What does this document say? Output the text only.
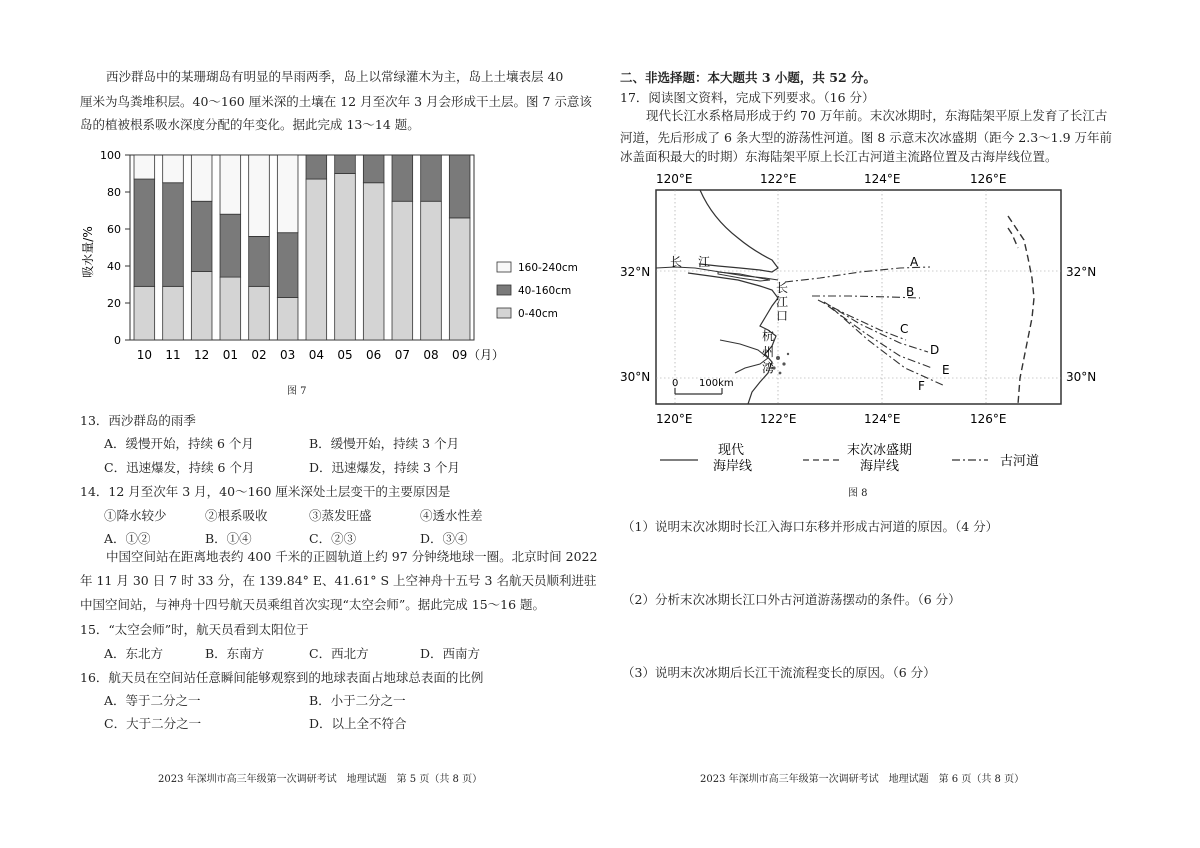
西沙群岛中的某珊瑚岛有明显的旱雨两季，岛上以常绿灌木为主，岛上土壤表层 40
厘米为鸟粪堆积层。40～160 厘米深的土壤在 12 月至次年 3 月会形成干土层。图 7 示意该
岛的植被根系吸水深度分配的年变化。据此完成 13～14 题。
吸水量/%
0
20
40
60
80
100
10 11 12 01 02 03 04 05 06 07 08 09 （月）
160-240cm
40-160cm
0-40cm
图 7
13．西沙群岛的雨季
A．缓慢开始，持续 6 个月	B．缓慢开始，持续 3 个月
C．迅速爆发，持续 6 个月	D．迅速爆发，持续 3 个月
14．12 月至次年 3 月，40～160 厘米深处土层变干的主要原因是
①降水较少	②根系吸收	③蒸发旺盛	④透水性差
A．①②	B．①④	C．②③	D．③④
中国空间站在距离地表约 400 千米的正圆轨道上约 97 分钟绕地球一圈。北京时间 2022
年 11 月 30 日 7 时 33 分，在 139.84° E、41.61° S 上空神舟十五号 3 名航天员顺利进驻
中国空间站，与神舟十四号航天员乘组首次实现“太空会师”。据此完成 15～16 题。
15．“太空会师”时，航天员看到太阳位于
A．东北方	B．东南方	C．西北方	D．西南方
16．航天员在空间站任意瞬间能够观察到的地球表面占地球总表面的比例
A．等于二分之一	B．小于二分之一
C．大于二分之一	D．以上全不符合
2023 年深圳市高三年级第一次调研考试　地理试题　第 5 页（共 8 页）
二、非选择题：本大题共 3 小题，共 52 分。
17．阅读图文资料，完成下列要求。（16 分）
现代长江水系格局形成于约 70 万年前。末次冰期时，东海陆架平原上发育了长江古
河道，先后形成了 6 条大型的游荡性河道。图 8 示意末次冰盛期（距今 2.3～1.9 万年前
冰盖面积最大的时期）东海陆架平原上长江古河道主流路位置及古海岸线位置。
120°E	122°E	124°E	126°E
32°N	32°N
30°N	30°N
120°E	122°E	124°E	126°E
A
B
C
D
E
F
长 江
长
江
口
杭
州
湾
0 100km
现代
海岸线
末次冰盛期
海岸线	古河道
图 8
（1）说明末次冰期时长江入海口东移并形成古河道的原因。（4 分）
（2）分析末次冰期长江口外古河道游荡摆动的条件。（6 分）
（3）说明末次冰期后长江干流流程变长的原因。（6 分）
2023 年深圳市高三年级第一次调研考试　地理试题　第 6 页（共 8 页）
